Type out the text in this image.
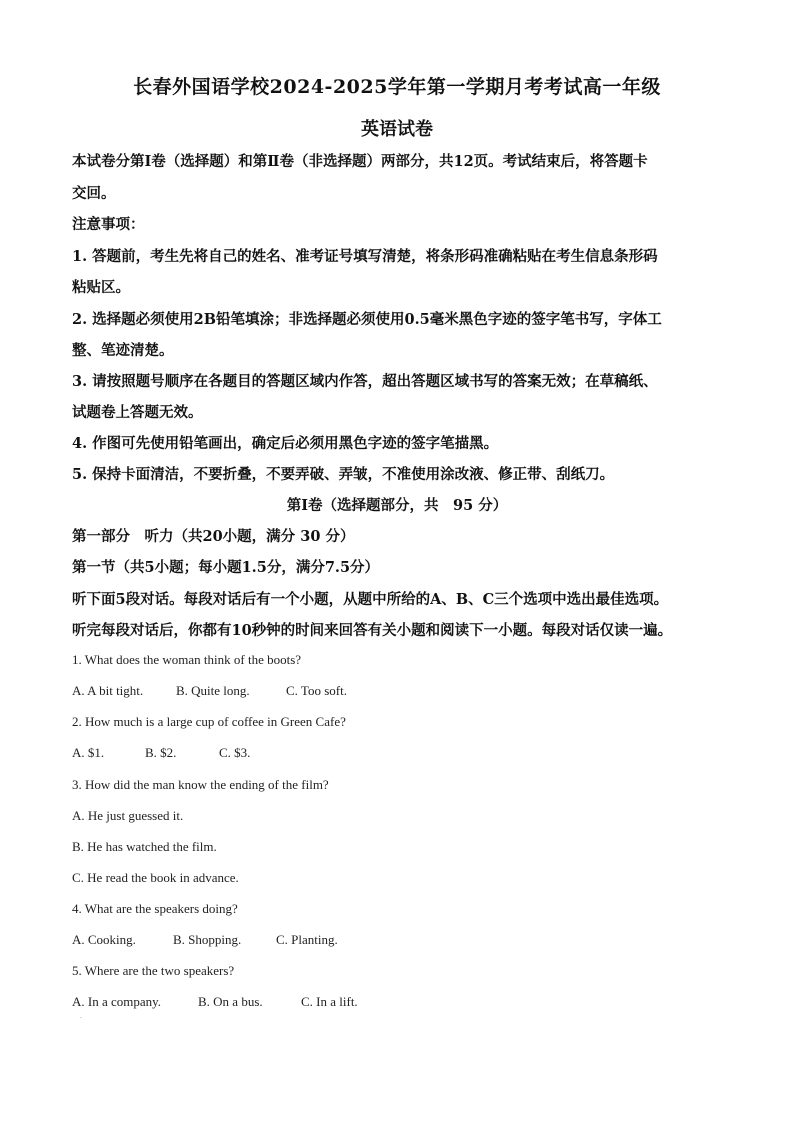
长春外国语学校2024-2025学年第一学期月考考试高一年级
英语试卷
本试卷分第Ⅰ卷（选择题）和第Ⅱ卷（非选择题）两部分，共12页。考试结束后，将答题卡
交回。
注意事项：
1. 答题前，考生先将自己的姓名、准考证号填写清楚，将条形码准确粘贴在考生信息条形码
粘贴区。
2. 选择题必须使用2B铅笔填涂；非选择题必须使用0.5毫米黑色字迹的签字笔书写，字体工
整、笔迹清楚。
3. 请按照题号顺序在各题目的答题区域内作答，超出答题区域书写的答案无效；在草稿纸、
试题卷上答题无效。
4. 作图可先使用铅笔画出，确定后必须用黑色字迹的签字笔描黑。
5. 保持卡面清洁，不要折叠，不要弄破、弄皱，不准使用涂改液、修正带、刮纸刀。
第Ⅰ卷（选择题部分，共　95 分）
第一部分　听力（共20小题，满分 30 分）
第一节（共5小题；每小题1.5分，满分7.5分）
听下面5段对话。每段对话后有一个小题，从题中所给的A、B、C三个选项中选出最佳选项。
听完每段对话后，你都有10秒钟的时间来回答有关小题和阅读下一小题。每段对话仅读一遍。
1. What does the woman think of the boots?
A. A bit tight.	B. Quite long.	C. Too soft.
2. How much is a large cup of coffee in Green Cafe?
A. $1.	B. $2.	C. $3.
3. How did the man know the ending of the film?
A. He just guessed it.
B. He has watched the film.
C. He read the book in advance.
4. What are the speakers doing?
A. Cooking.	B. Shopping.	C. Planting.
5. Where are the two speakers?
A. In a company.	B. On a bus.	C. In a lift.
·
